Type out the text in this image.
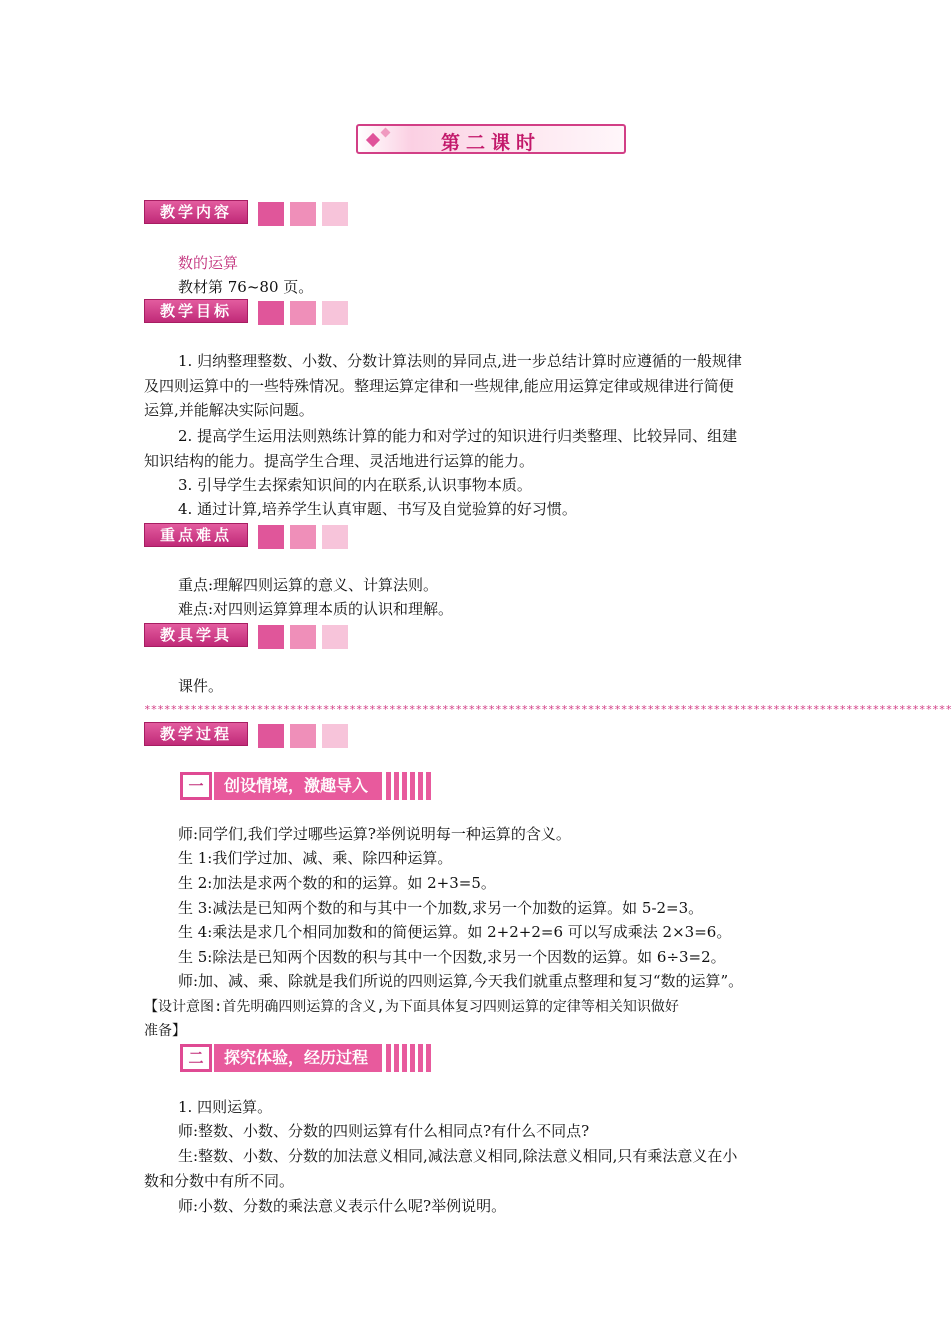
第二课时
教学内容
数的运算
教材第 76~80 页。
教学目标
1. 归纳整理整数、小数、分数计算法则的异同点,进一步总结计算时应遵循的一般规律
及四则运算中的一些特殊情况。整理运算定律和一些规律,能应用运算定律或规律进行简便
运算,并能解决实际问题。
2. 提高学生运用法则熟练计算的能力和对学过的知识进行归类整理、比较异同、组建
知识结构的能力。提高学生合理、灵活地进行运算的能力。
3. 引导学生去探索知识间的内在联系,认识事物本质。
4. 通过计算,培养学生认真审题、书写及自觉验算的好习惯。
重点难点
重点:理解四则运算的意义、计算法则。
难点:对四则运算算理本质的认识和理解。
教具学具
课件。
**************************************************************************************************************************
教学过程
一	创设情境，激趣导入
师:同学们,我们学过哪些运算?举例说明每一种运算的含义。
生 1:我们学过加、减、乘、除四种运算。
生 2:加法是求两个数的和的运算。如 2+3=5。
生 3:减法是已知两个数的和与其中一个加数,求另一个加数的运算。如 5-2=3。
生 4:乘法是求几个相同加数和的简便运算。如 2+2+2=6 可以写成乘法 2×3=6。
生 5:除法是已知两个因数的积与其中一个因数,求另一个因数的运算。如 6÷3=2。
师:加、减、乘、除就是我们所说的四则运算,今天我们就重点整理和复习“数的运算”。
【设计意图:首先明确四则运算的含义,为下面具体复习四则运算的定律等相关知识做好
准备】
二	探究体验，经历过程
1. 四则运算。
师:整数、小数、分数的四则运算有什么相同点?有什么不同点?
生:整数、小数、分数的加法意义相同,减法意义相同,除法意义相同,只有乘法意义在小
数和分数中有所不同。
师:小数、分数的乘法意义表示什么呢?举例说明。
